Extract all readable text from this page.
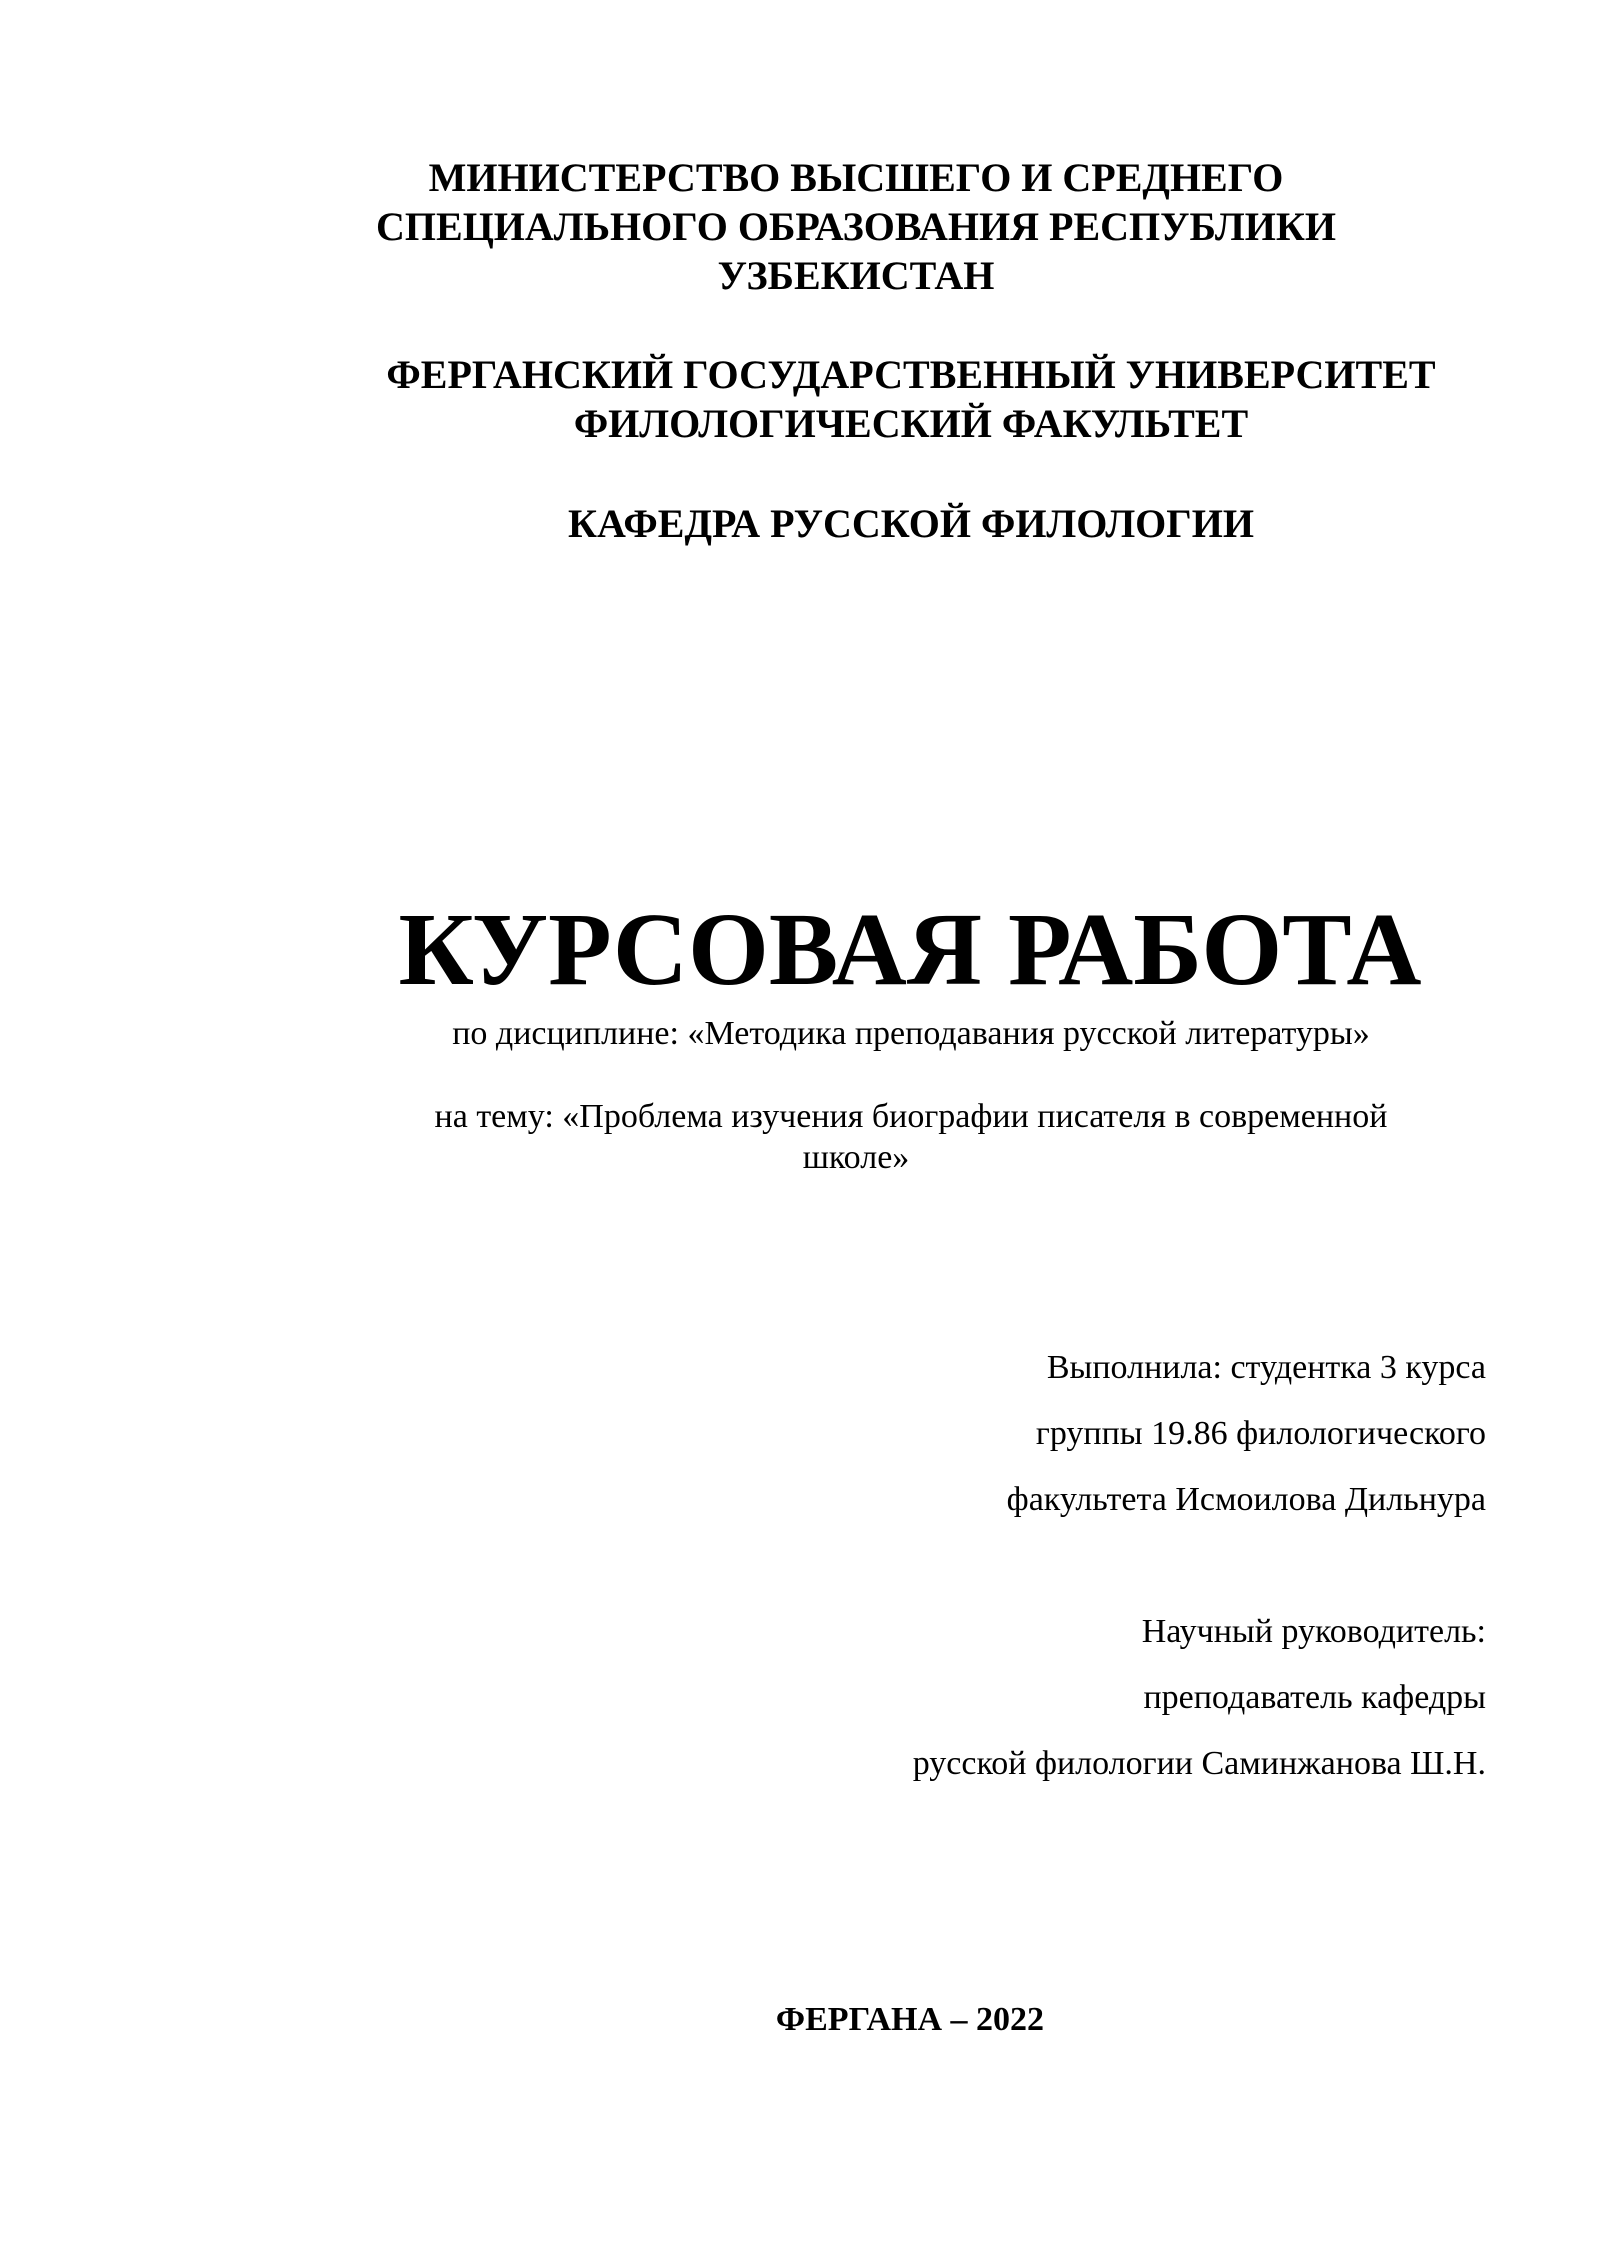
МИНИСТЕРСТВО ВЫСШЕГО И СРЕДНЕГО
СПЕЦИАЛЬНОГО ОБРАЗОВАНИЯ РЕСПУБЛИКИ
УЗБЕКИСТАН
ФЕРГАНСКИЙ ГОСУДАРСТВЕННЫЙ УНИВЕРСИТЕТ
ФИЛОЛОГИЧЕСКИЙ ФАКУЛЬТЕТ
КАФЕДРА РУССКОЙ ФИЛОЛОГИИ
КУРСОВАЯ РАБОТА
по дисциплине: «Методика преподавания русской литературы»
на тему: «Проблема изучения биографии писателя в современной
школе»
Выполнила: студентка 3 курса
группы 19.86 филологического
факультета Исмоилова Дильнура
Научный руководитель:
преподаватель кафедры
русской филологии Саминжанова Ш.Н.
ФЕРГАНА – 2022
